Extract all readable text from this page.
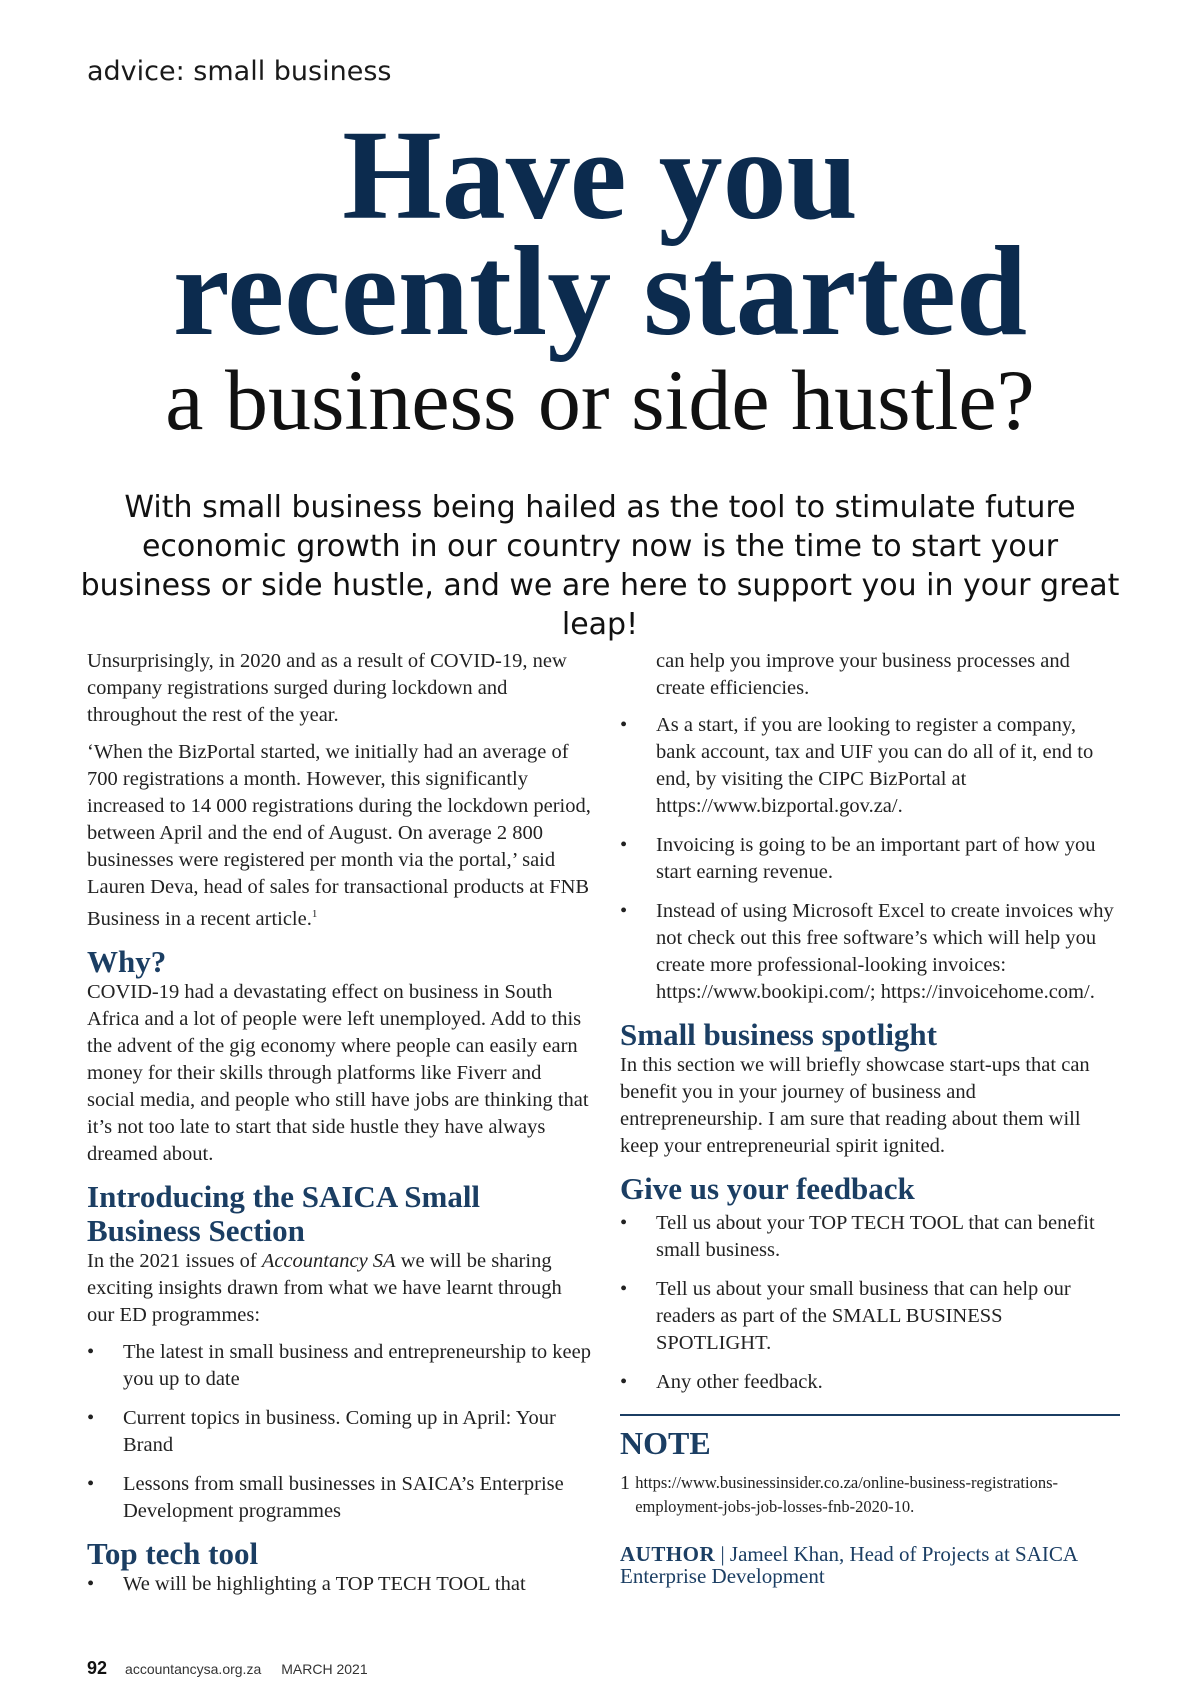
advice: small business
Have you
recently started
a business or side hustle?
With small business being hailed as the tool to stimulate future economic growth in our country now is the time to start your business or side hustle, and we are here to support you in your great leap!

Unsurprisingly, in 2020 and as a result of COVID-19, new company registrations surged during lockdown and throughout the rest of the year.

‘When the BizPortal started, we initially had an average of 700 registrations a month. However, this significantly increased to 14 000 registrations during the lockdown period, between April and the end of August. On average 2 800 businesses were registered per month via the portal,’ said Lauren Deva, head of sales for transactional products at FNB Business in a recent article.$^1$

Why?

COVID-19 had a devastating effect on business in South Africa and a lot of people were left unemployed. Add to this the advent of the gig economy where people can easily earn money for their skills through platforms like Fiverr and social media, and people who still have jobs are thinking that it’s not too late to start that side hustle they have always dreamed about.

Introducing the SAICA Small Business Section

In the 2021 issues of Accountancy SA we will be sharing exciting insights drawn from what we have learnt through our ED programmes:

• The latest in small business and entrepreneurship to keep you up to date
• Current topics in business. Coming up in April: Your Brand
• Lessons from small businesses in SAICA’s Enterprise Development programmes
Top tech tool
• We will be highlighting a TOP TECH TOOL that

can help you improve your business processes and create efficiencies.

• As a start, if you are looking to register a company, bank account, tax and UIF you can do all of it, end to end, by visiting the CIPC BizPortal at https://www.bizportal.gov.za/.
• Invoicing is going to be an important part of how you start earning revenue.
• Instead of using Microsoft Excel to create invoices why not check out this free software’s which will help you create more professional-looking invoices: https://www.bookipi.com/; https://invoicehome.com/.
Small business spotlight

In this section we will briefly showcase start-ups that can benefit you in your journey of business and entrepreneurship. I am sure that reading about them will keep your entrepreneurial spirit ignited.

Give us your feedback
• Tell us about your TOP TECH TOOL that can benefit small business.
• Tell us about your small business that can help our readers as part of the SMALL BUSINESS SPOTLIGHT.
• Any other feedback.
NOTE
1 https://www.businessinsider.co.za/online-business-registrations-employment-jobs-job-losses-fnb-2020-10.
AUTHOR | Jameel Khan, Head of Projects at SAICA Enterprise Development
92 accountancysa.org.za MARCH 2021
